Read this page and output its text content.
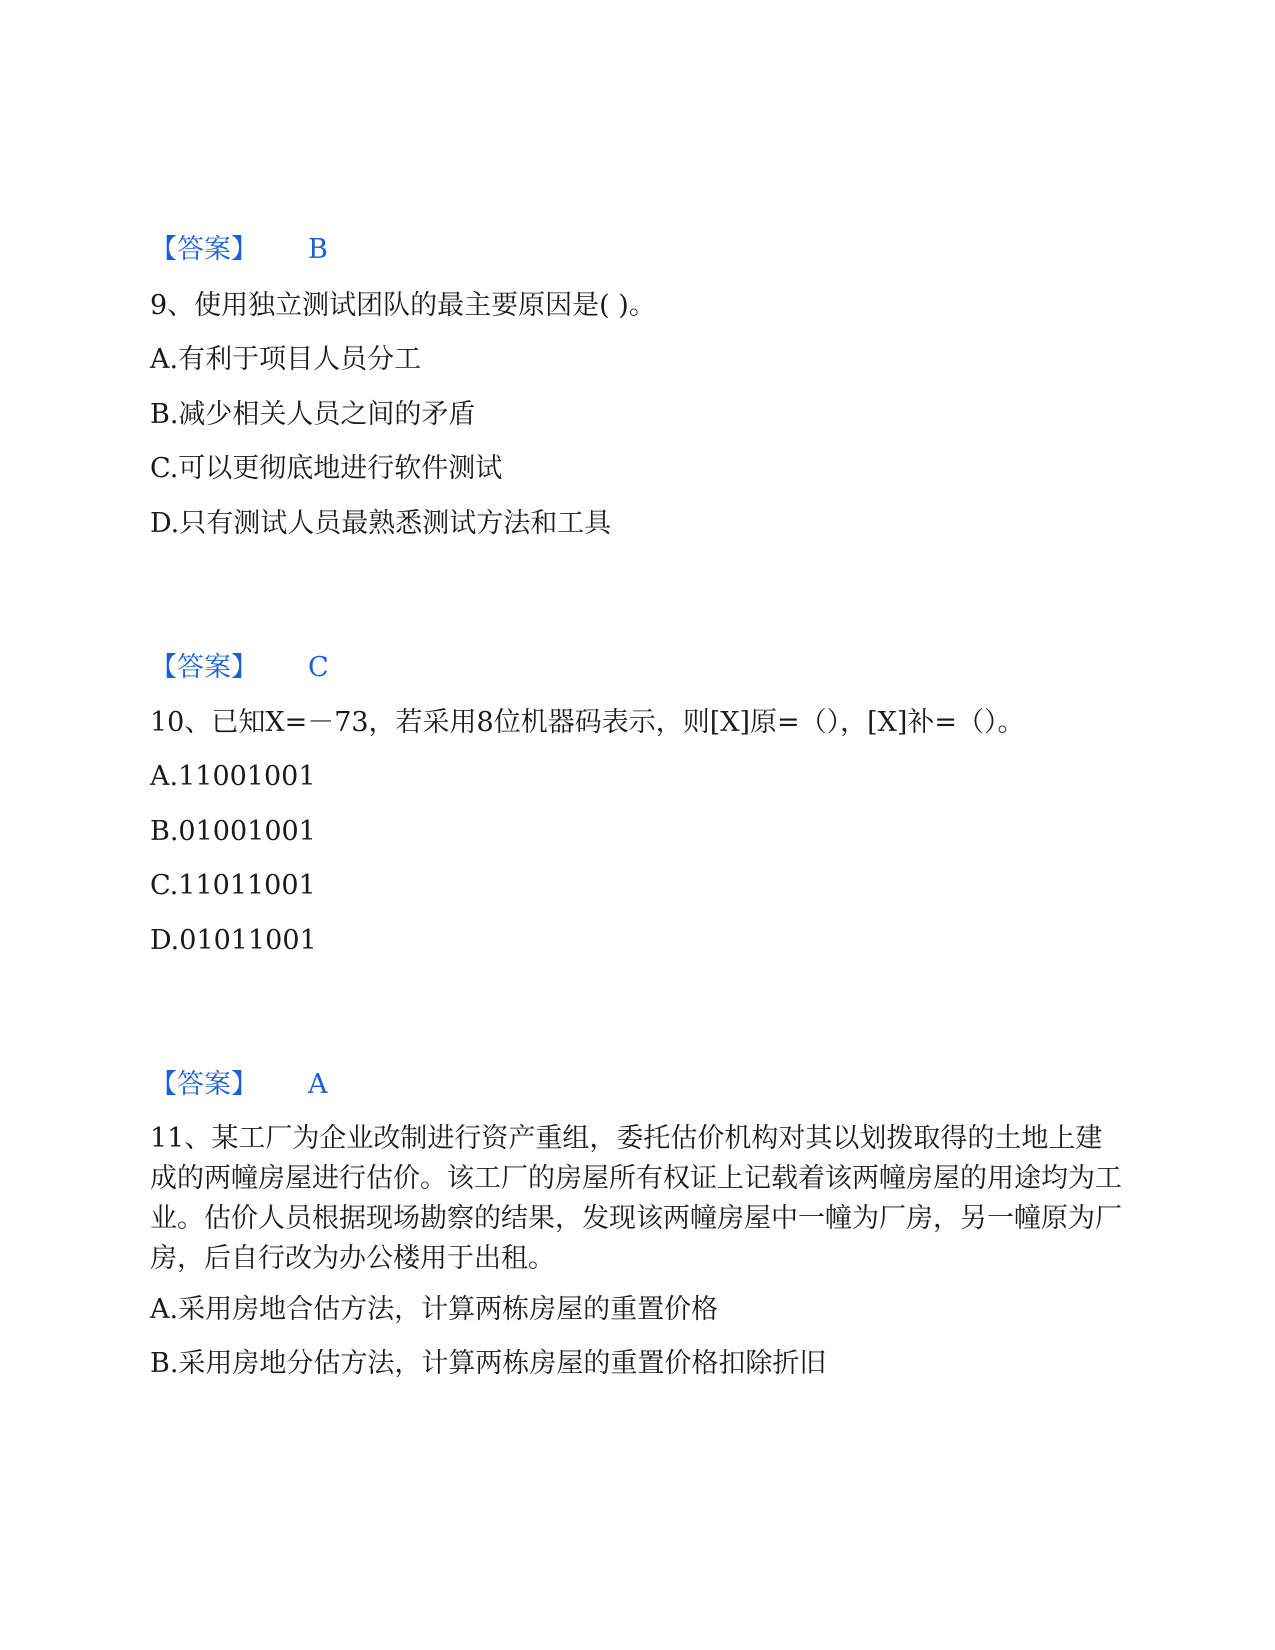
【答案】 B
9、使用独立测试团队的最主要原因是( )。
A.有利于项目人员分工
B.减少相关人员之间的矛盾
C.可以更彻底地进行软件测试
D.只有测试人员最熟悉测试方法和工具
【答案】 C
10、已知X=－73，若采用8位机器码表示，则[X]原=（），[X]补=（）。
A.11001001
B.01001001
C.11011001
D.01011001
【答案】 A
11、某工厂为企业改制进行资产重组，委托估价机构对其以划拨取得的土地上建成的两幢房屋进行估价。该工厂的房屋所有权证上记载着该两幢房屋的用途均为工业。估价人员根据现场勘察的结果，发现该两幢房屋中一幢为厂房，另一幢原为厂房，后自行改为办公楼用于出租。
A.采用房地合估方法，计算两栋房屋的重置价格
B.采用房地分估方法，计算两栋房屋的重置价格扣除折旧
